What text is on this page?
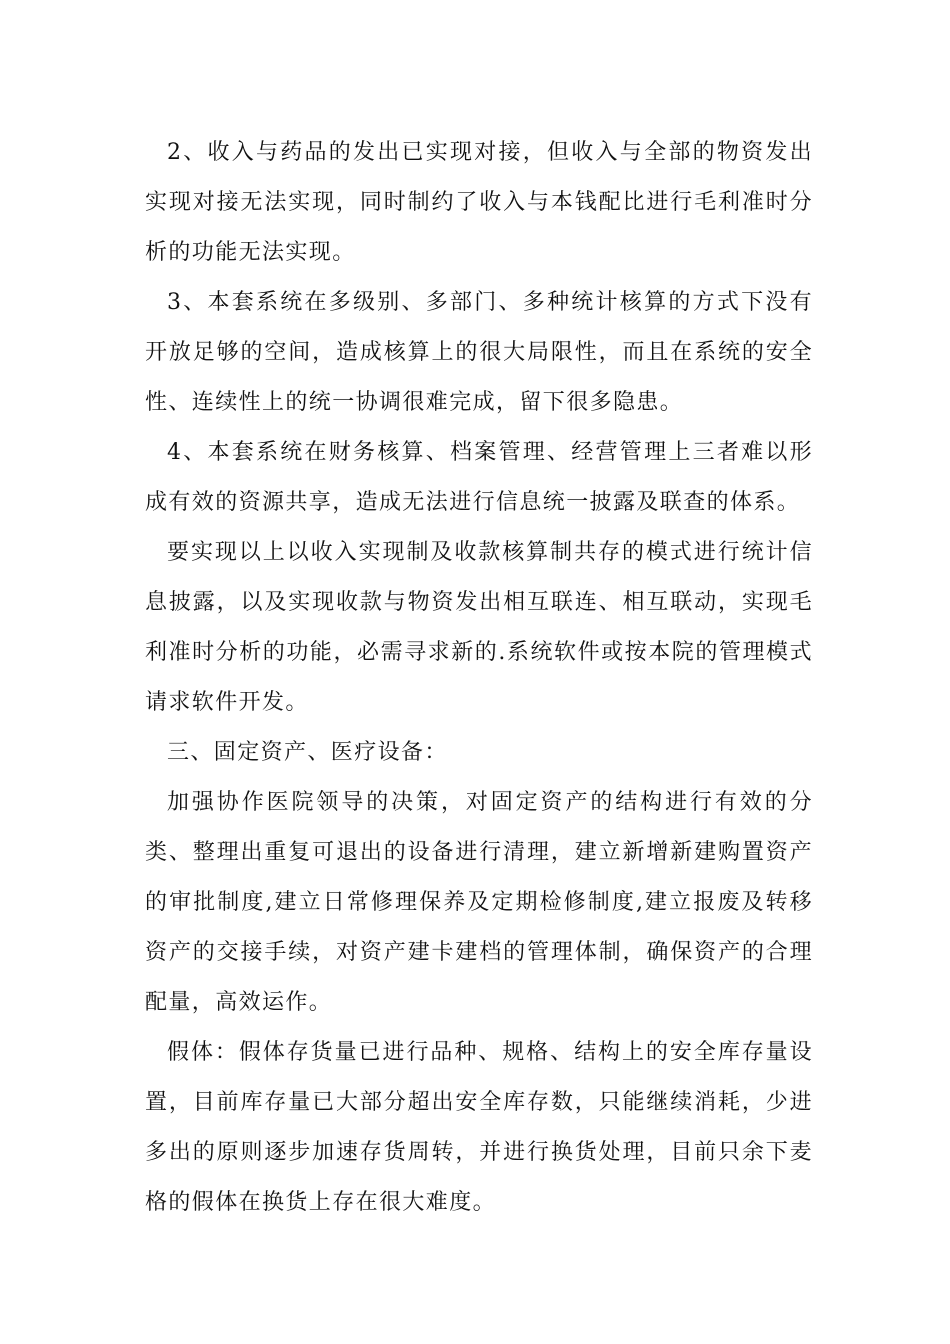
2、收入与药品的发出已实现对接，但收入与全部的物资发出实现对接无法实现，同时制约了收入与本钱配比进行毛利准时分析的功能无法实现。

3、本套系统在多级别、多部门、多种统计核算的方式下没有开放足够的空间，造成核算上的很大局限性，而且在系统的安全性、连续性上的统一协调很难完成，留下很多隐患。

4、本套系统在财务核算、档案管理、经营管理上三者难以形成有效的资源共享，造成无法进行信息统一披露及联查的体系。

要实现以上以收入实现制及收款核算制共存的模式进行统计信息披露，以及实现收款与物资发出相互联连、相互联动，实现毛利准时分析的功能，必需寻求新的.系统软件或按本院的管理模式请求软件开发。

三、固定资产、医疗设备：

加强协作医院领导的决策，对固定资产的结构进行有效的分类、整理出重复可退出的设备进行清理，建立新增新建购置资产的审批制度,建立日常修理保养及定期检修制度,建立报废及转移资产的交接手续，对资产建卡建档的管理体制，确保资产的合理配量，高效运作。

假体：假体存货量已进行品种、规格、结构上的安全库存量设置，目前库存量已大部分超出安全库存数，只能继续消耗，少进多出的原则逐步加速存货周转，并进行换货处理，目前只余下麦格的假体在换货上存在很大难度。
